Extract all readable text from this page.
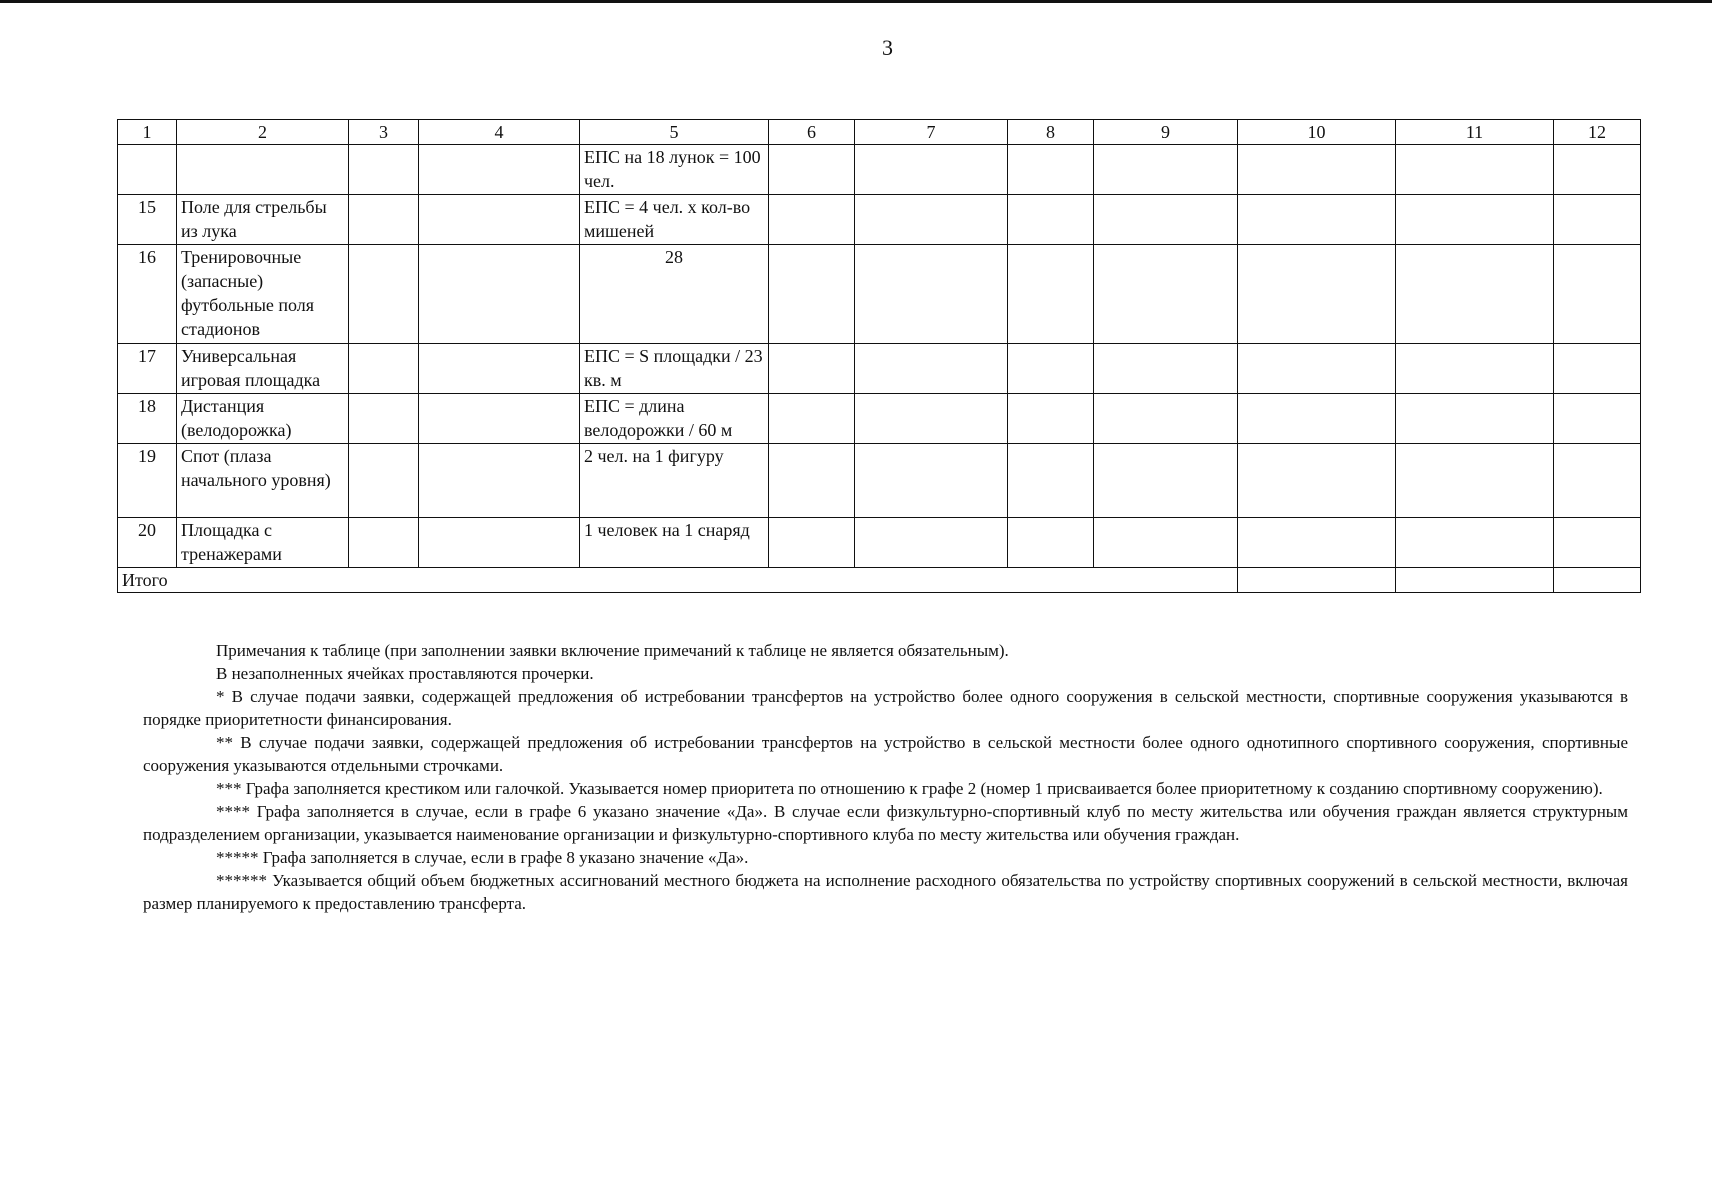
3
1	2	3	4	5	6	7	8	9	10	11	12
				ЕПС на 18 лунок = 100 чел.							
15	Поле для стрельбы из лука			ЕПС = 4 чел. х кол-во мишеней							
16	Тренировочные (запасные) футбольные поля стадионов			28							
17	Универсальная игровая площадка			ЕПС = S площадки / 23 кв. м							
18	Дистанция (велодорожка)			ЕПС = длина велодорожки / 60 м							
19	Спот (плаза начального уровня)			2 чел. на 1 фигуру							
20	Площадка с тренажерами			1 человек на 1 снаряд							
Итого											

Примечания к таблице (при заполнении заявки включение примечаний к таблице не является обязательным).

В незаполненных ячейках проставляются прочерки.

* В случае подачи заявки, содержащей предложения об истребовании трансфертов на устройство более одного сооружения в сельской местности, спортивные сооружения указываются в порядке приоритетности финансирования.

** В случае подачи заявки, содержащей предложения об истребовании трансфертов на устройство в сельской местности более одного однотипного спортивного сооружения, спортивные сооружения указываются отдельными строчками.

*** Графа заполняется крестиком или галочкой. Указывается номер приоритета по отношению к графе 2 (номер 1 присваивается более приоритетному к созданию спортивному сооружению).

**** Графа заполняется в случае, если в графе 6 указано значение «Да». В случае если физкультурно-спортивный клуб по месту жительства или обучения граждан является структурным подразделением организации, указывается наименование организации и физкультурно-спортивного клуба по месту жительства или обучения граждан.

***** Графа заполняется в случае, если в графе 8 указано значение «Да».

****** Указывается общий объем бюджетных ассигнований местного бюджета на исполнение расходного обязательства по устройству спортивных сооружений в сельской местности, включая размер планируемого к предоставлению трансферта.
